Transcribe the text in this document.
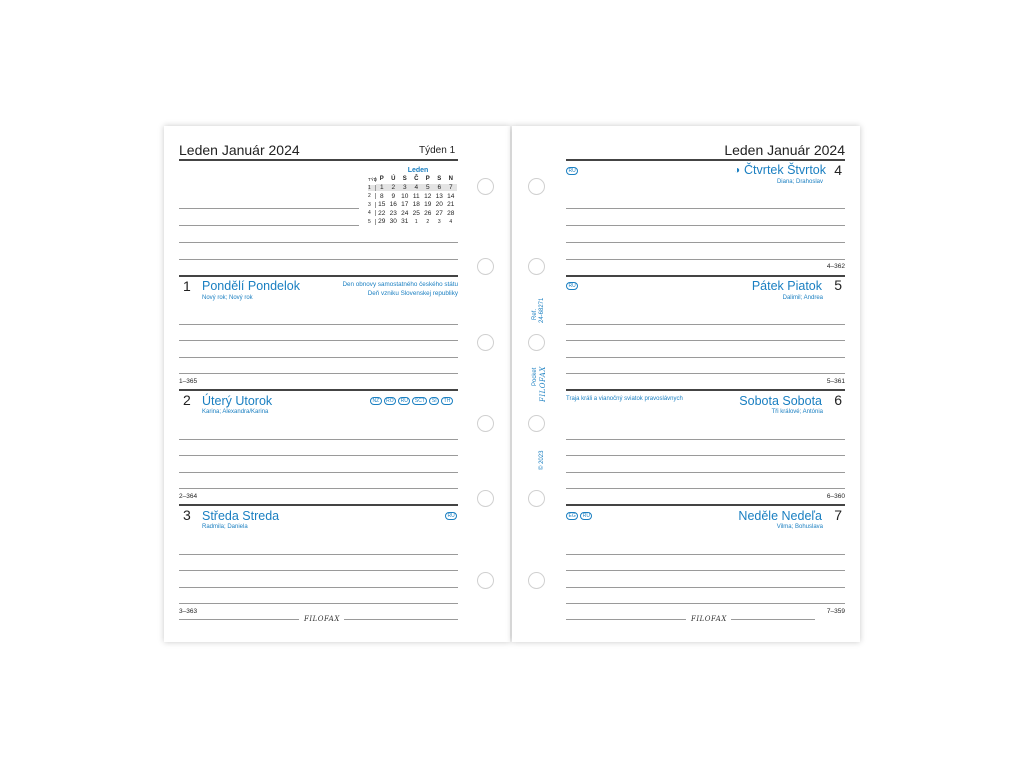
Leden Január 2024	Týden 1
Leden
TÝD P	Ú	S	Č	P	S	N
1	1	2	3	4	5	6	7
2	8	9 10 11 12 13 14
3	15 16 17 18 19 20 21
4	22 23 24 25 26 27 28
5	29 30 31	1	2	3	4
1 Pondělí Pondelok
Nový rok; Nový rok
Den obnovy samostatného českého státu
Deň vzniku Slovenskej republiky
1–365
2 Úterý Utorok
Karina; Alexandra/Karina
NZ	RO	RU	SCT	SI	TH
2–364
3 Středa Streda
Radmila; Daniela
RU
3–363
FILOFAX
Ref. 24-68271
Pocket FILOFAX
© 2023
Leden Január 2024
RU	◑ Čtvrtek Štvrtok 4
Diana; Drahoslav
4–362
RU	Pátek Piatok 5
Dalimil; Andrea
5–361
Traja králi a vianočný sviatok pravoslávnych	Sobota Sobota 6
Tři králové; Antónia
6–360
EG	RU	Neděle Nedeľa 7
Vilma; Bohuslava
7–359
FILOFAX
